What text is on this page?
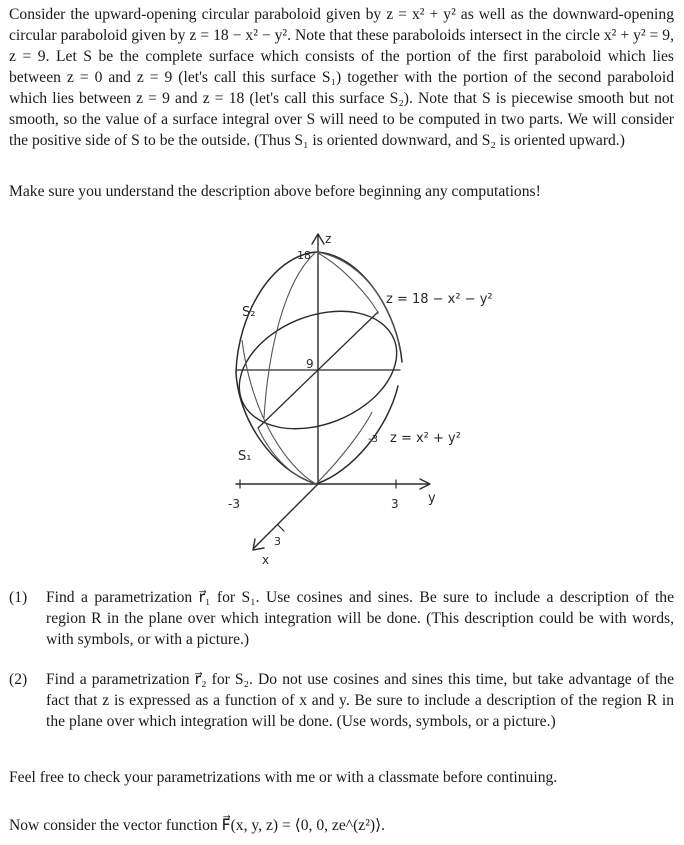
Consider the upward-opening circular paraboloid given by z = x² + y² as well as the downward-opening circular paraboloid given by z = 18 − x² − y². Note that these paraboloids intersect in the circle x² + y² = 9, z = 9. Let S be the complete surface which consists of the portion of the first paraboloid which lies between z = 0 and z = 9 (let's call this surface S₁) together with the portion of the second paraboloid which lies between z = 9 and z = 18 (let's call this surface S₂). Note that S is piecewise smooth but not smooth, so the value of a surface integral over S will need to be computed in two parts. We will consider the positive side of S to be the outside. (Thus S₁ is oriented downward, and S₂ is oriented upward.)

Make sure you understand the description above before beginning any computations!

z
18
S₂
z = 18 − x² − y²
9
-3 z = x² + y²
S₁
-3	3 y
3
x
(1)	Find a parametrization r⃗₁ for S₁. Use cosines and sines. Be sure to include a description of the region R in the plane over which integration will be done. (This description could be with words, with symbols, or with a picture.)
(2)	Find a parametrization r⃗₂ for S₂. Do not use cosines and sines this time, but take advantage of the fact that z is expressed as a function of x and y. Be sure to include a description of the region R in the plane over which integration will be done. (Use words, symbols, or a picture.)

Feel free to check your parametrizations with me or with a classmate before continuing.

Now consider the vector function F⃗(x, y, z) = ⟨0, 0, ze^(z²)⟩.
